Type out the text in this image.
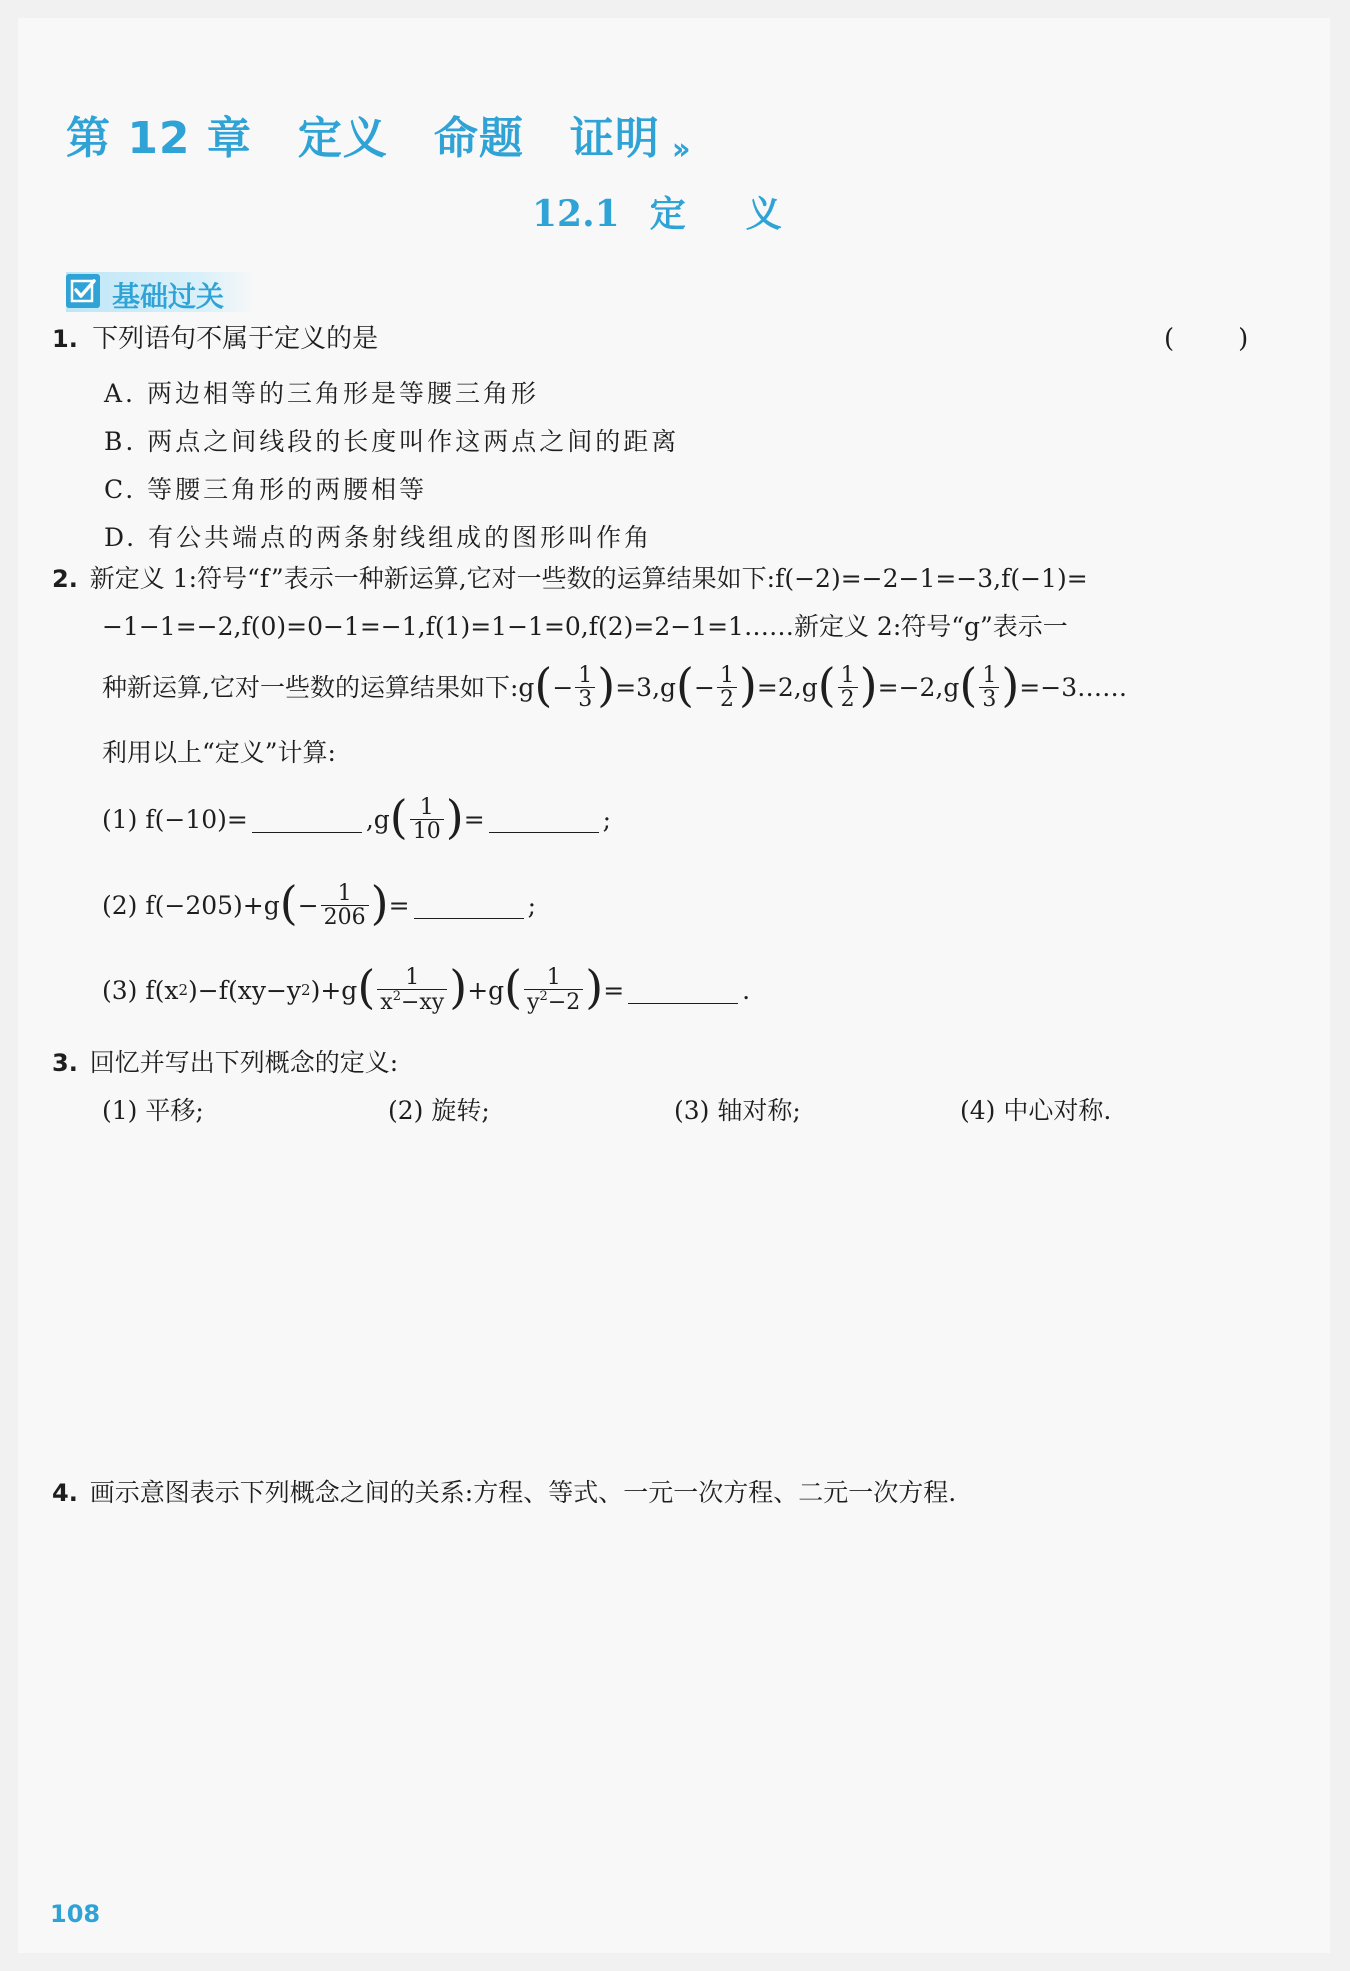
第 12 章 定义 命题 证明 ››
12.1 定 义
基础过关
1. 下列语句不属于定义的是	(　　)
A. 两边相等的三角形是等腰三角形
B. 两点之间线段的长度叫作这两点之间的距离
C. 等腰三角形的两腰相等
D. 有公共端点的两条射线组成的图形叫作角
2. 新定义 1:符号“f”表示一种新运算,它对一些数的运算结果如下:f(−2)=−2−1=−3,f(−1)=
−1−1=−2,f(0)=0−1=−1,f(1)=1−1=0,f(2)=2−1=1……新定义 2:符号“g”表示一
种新运算,它对一些数的运算结果如下:g ( − $\frac{1}{3}$ ) =3,g ( − $\frac{1}{2}$ ) =2,g ( $\frac{1}{2}$ ) =−2,g ( $\frac{1}{3}$ ) =−3……
利用以上“定义”计算:
(1)
f(−10)=	,g ( $\frac{1}{10}$ ) =	;
(2)
f(−205)+g ( − $\frac{1}{206}$ ) =	;
(3)
f(x 2 )−f(xy−y 2 )+g ( $\frac{1}{x^2-xy}$ ) +g ( $\frac{1}{y^2-2}$ ) =	.
3. 回忆并写出下列概念的定义:
(1) 平移;	(2) 旋转;	(3) 轴对称;	(4) 中心对称.
4. 画示意图表示下列概念之间的关系:方程、等式、一元一次方程、二元一次方程.
108
